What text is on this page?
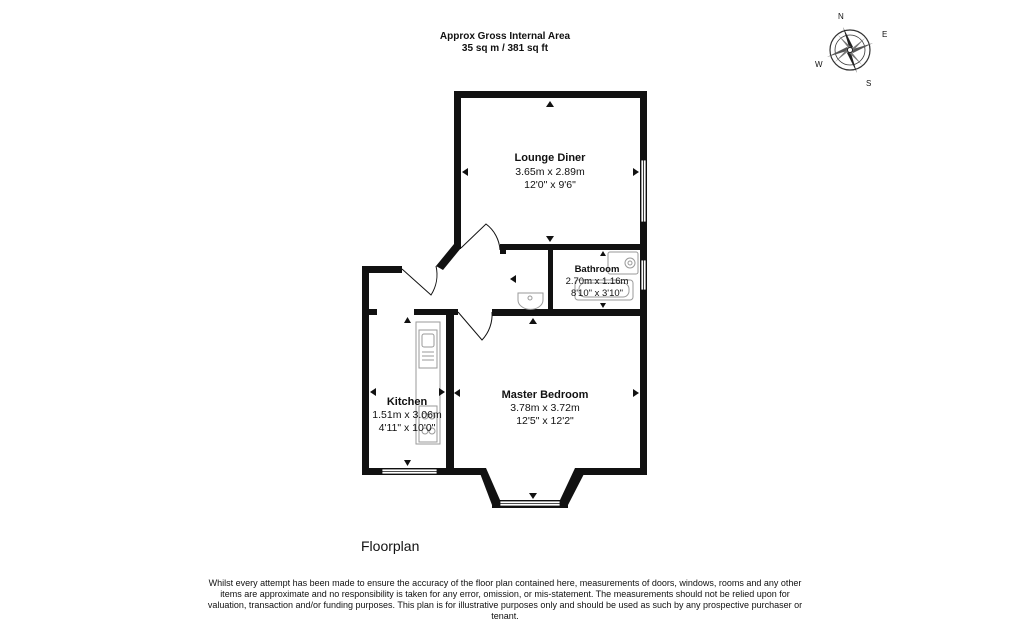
Approx Gross Internal Area
35 sq m / 381 sq ft
N
E
S
W
Lounge Diner
3.65m x 2.89m
12'0" x 9'6"
Bathroom
2.70m x 1.16m
8'10" x 3'10"
Kitchen
1.51m x 3.06m
4'11" x 10'0"
Master Bedroom
3.78m x 3.72m
12'5" x 12'2"
Floorplan
Whilst every attempt has been made to ensure the accuracy of the floor plan contained here, measurements of doors, windows, rooms and any other items are approximate and no responsibility is taken for any error, omission, or mis-statement. The measurements should not be relied upon for valuation, transaction and/or funding purposes. This plan is for illustrative purposes only and should be used as such by any prospective purchaser or tenant.
